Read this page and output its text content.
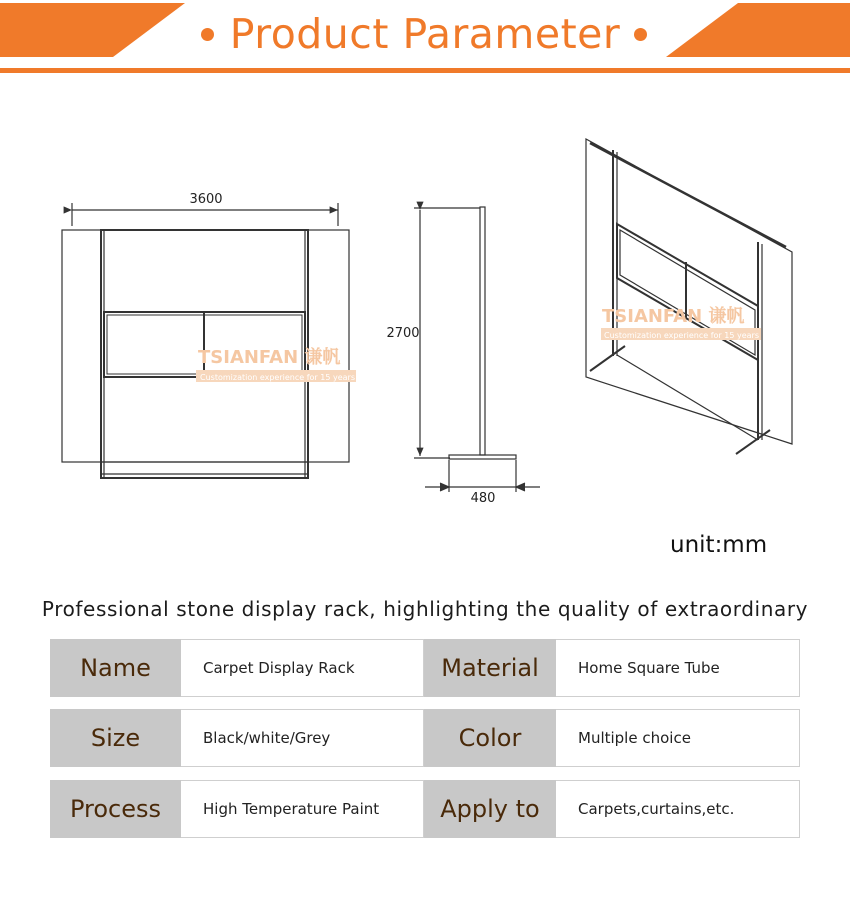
Product Parameter
3600
TSIANFAN 谦帆
Customization experience for 15 years
2700
480
TSIANFAN 谦帆
Customization experience for 15 years
unit:mm
Professional stone display rack, highlighting the quality of extraordinary
Name	Carpet Display Rack	Material	Home Square Tube
Size	Black/white/Grey	Color	Multiple choice
Process	High Temperature Paint	Apply to	Carpets,curtains,etc.
